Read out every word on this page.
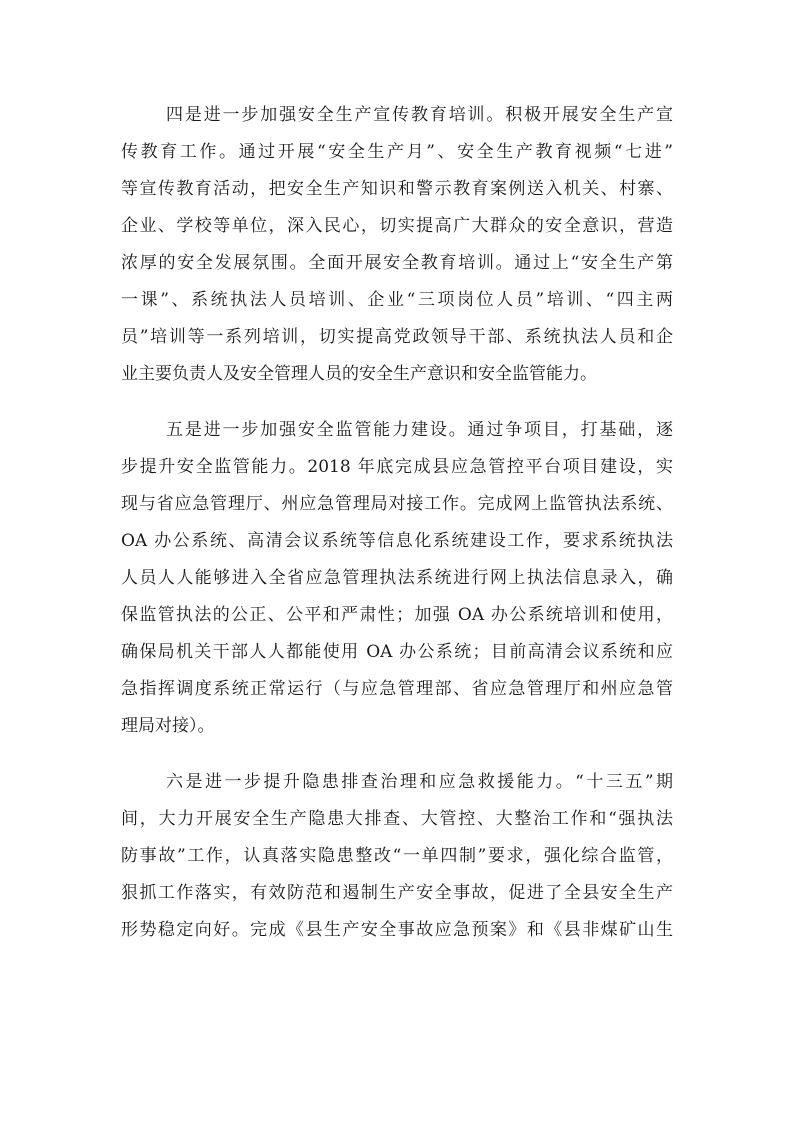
四是进一步加强安全生产宣传教育培训。积极开展安全生产宣
传教育工作。通过开展“安全生产月”、安全生产教育视频“七进”
等宣传教育活动，把安全生产知识和警示教育案例送入机关、村寨、
企业、学校等单位，深入民心，切实提高广大群众的安全意识，营造
浓厚的安全发展氛围。全面开展安全教育培训。通过上“安全生产第
一课”、系统执法人员培训、企业“三项岗位人员”培训、“四主两
员”培训等一系列培训，切实提高党政领导干部、系统执法人员和企
业主要负责人及安全管理人员的安全生产意识和安全监管能力。
五是进一步加强安全监管能力建设。通过争项目，打基础，逐
步提升安全监管能力。2018 年底完成县应急管控平台项目建设，实
现与省应急管理厅、州应急管理局对接工作。完成网上监管执法系统、
OA 办公系统、高清会议系统等信息化系统建设工作，要求系统执法
人员人人能够进入全省应急管理执法系统进行网上执法信息录入，确
保监管执法的公正、公平和严肃性；加强 OA 办公系统培训和使用，
确保局机关干部人人都能使用 OA 办公系统；目前高清会议系统和应
急指挥调度系统正常运行（与应急管理部、省应急管理厅和州应急管
理局对接）。
六是进一步提升隐患排查治理和应急救援能力。“十三五”期
间，大力开展安全生产隐患大排查、大管控、大整治工作和“强执法
防事故”工作，认真落实隐患整改“一单四制”要求，强化综合监管，
狠抓工作落实，有效防范和遏制生产安全事故，促进了全县安全生产
形势稳定向好。完成《县生产安全事故应急预案》和《县非煤矿山生
